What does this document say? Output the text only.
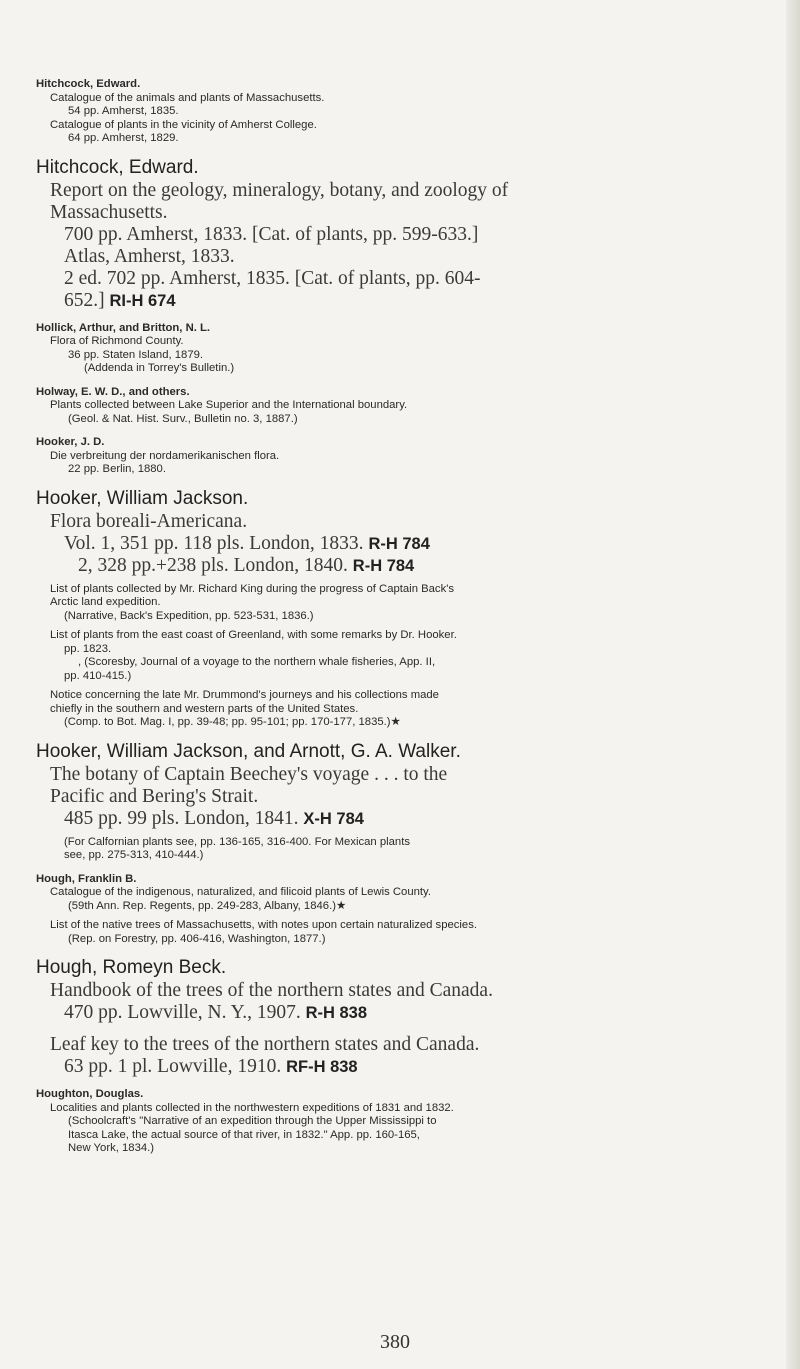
Hitchcock, Edward.
Catalogue of the animals and plants of Massachusetts.
54 pp. Amherst, 1835.
Catalogue of plants in the vicinity of Amherst College.
64 pp. Amherst, 1829.
Hitchcock, Edward.
Report on the geology, mineralogy, botany, and zoology of
Massachusetts.
700 pp. Amherst, 1833. [Cat. of plants, pp. 599-633.]
Atlas, Amherst, 1833.
2 ed. 702 pp. Amherst, 1835. [Cat. of plants, pp. 604-
652.] RI-H 674
Hollick, Arthur, and Britton, N. L.
Flora of Richmond County.
36 pp. Staten Island, 1879.
(Addenda in Torrey's Bulletin.)
Holway, E. W. D., and others.
Plants collected between Lake Superior and the International boundary.
(Geol. & Nat. Hist. Surv., Bulletin no. 3, 1887.)
Hooker, J. D.
Die verbreitung der nordamerikanischen flora.
22 pp. Berlin, 1880.
Hooker, William Jackson.
Flora boreali-Americana.
Vol. 1, 351 pp. 118 pls. London, 1833. R-H 784
2, 328 pp.+238 pls. London, 1840. R-H 784
List of plants collected by Mr. Richard King during the progress of Captain Back's
Arctic land expedition.
(Narrative, Back's Expedition, pp. 523-531, 1836.)

List of plants from the east coast of Greenland, with some remarks by Dr. Hooker.
pp. 1823.
, (Scoresby, Journal of a voyage to the northern whale fisheries, App. II,
pp. 410-415.)

Notice concerning the late Mr. Drummond's journeys and his collections made
chiefly in the southern and western parts of the United States.
(Comp. to Bot. Mag. I, pp. 39-48; pp. 95-101; pp. 170-177, 1835.)★
Hooker, William Jackson, and Arnott, G. A. Walker.
The botany of Captain Beechey's voyage . . . to the
Pacific and Bering's Strait.
485 pp. 99 pls. London, 1841. X-H 784
(For Calfornian plants see, pp. 136-165, 316-400. For Mexican plants
see, pp. 275-313, 410-444.)
Hough, Franklin B.
Catalogue of the indigenous, naturalized, and filicoid plants of Lewis County.
(59th Ann. Rep. Regents, pp. 249-283, Albany, 1846.)★

List of the native trees of Massachusetts, with notes upon certain naturalized species.
(Rep. on Forestry, pp. 406-416, Washington, 1877.)
Hough, Romeyn Beck.
Handbook of the trees of the northern states and Canada.
470 pp. Lowville, N. Y., 1907. R-H 838

Leaf key to the trees of the northern states and Canada.
63 pp. 1 pl. Lowville, 1910. RF-H 838
Houghton, Douglas.
Localities and plants collected in the northwestern expeditions of 1831 and 1832.
(Schoolcraft's "Narrative of an expedition through the Upper Mississippi to
Itasca Lake, the actual source of that river, in 1832." App. pp. 160-165,
New York, 1834.)
380
